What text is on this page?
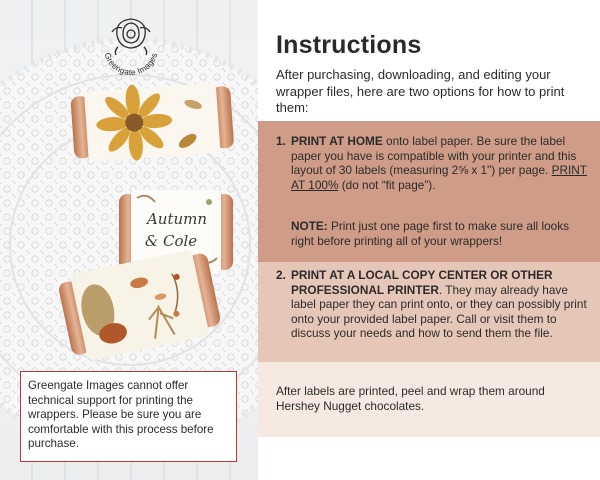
Autumn
& Cole
Greengate Images
Greengate Images cannot offer technical support for printing the wrappers. Please be sure you are comfortable with this process before purchase.
Instructions
After purchasing, downloading, and editing your wrapper files, here are two options for how to print them:
1. PRINT AT HOME onto label paper. Be sure the label paper you have is compatible with your printer and this layout of 30 labels (measuring 2⅝ x 1") per page. PRINT AT 100% (do not “fit page”).
NOTE: Print just one page first to make sure all looks right before printing all of your wrappers!
2. PRINT AT A LOCAL COPY CENTER OR OTHER PROFESSIONAL PRINTER. They may already have label paper they can print onto, or they can possibly print onto your provided label paper. Call or visit them to discuss your needs and how to send them the file.
After labels are printed, peel and wrap them around Hershey Nugget chocolates.
